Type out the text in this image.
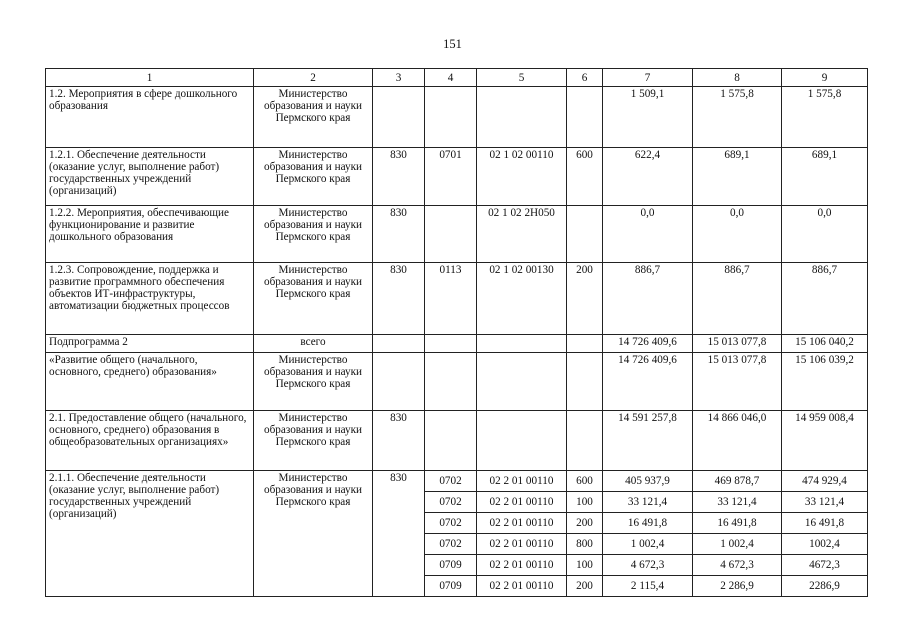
151
1	2	3	4	5	6	7	8	9
1.2. Мероприятия в сфере дошкольного образования	Министерство образования и науки Пермского края					1 509,1	1 575,8	1 575,8
1.2.1. Обеспечение деятельности (оказание услуг, выполнение работ) государственных учреждений (организаций)	Министерство образования и науки Пермского края	830	0701	02 1 02 00110	600	622,4	689,1	689,1
1.2.2. Мероприятия, обеспечивающие функционирование и развитие дошкольного образования	Министерство образования и науки Пермского края	830		02 1 02 2Н050		0,0	0,0	0,0
1.2.3. Сопровождение, поддержка и развитие программного обеспечения объектов ИТ-инфраструктуры, автоматизации бюджетных процессов	Министерство образования и науки Пермского края	830	0113	02 1 02 00130	200	886,7	886,7	886,7
Подпрограмма 2	всего					14 726 409,6	15 013 077,8	15 106 040,2
«Развитие общего (начального, основного, среднего) образования»	Министерство образования и науки Пермского края					14 726 409,6	15 013 077,8	15 106 039,2
2.1. Предоставление общего (начального, основного, среднего) образования в общеобразовательных организациях»	Министерство образования и науки Пермского края	830				14 591 257,8	14 866 046,0	14 959 008,4
2.1.1. Обеспечение деятельности (оказание услуг, выполнение работ) государственных учреждений (организаций)	Министерство образования и науки Пермского края	830	0702	02 2 01 00110	600	405 937,9	469 878,7	474 929,4
			0702	02 2 01 00110	100	33 121,4	33 121,4	33 121,4
			0702	02 2 01 00110	200	16 491,8	16 491,8	16 491,8
			0702	02 2 01 00110	800	1 002,4	1 002,4	1002,4
			0709	02 2 01 00110	100	4 672,3	4 672,3	4672,3
			0709	02 2 01 00110	200	2 115,4	2 286,9	2286,9
